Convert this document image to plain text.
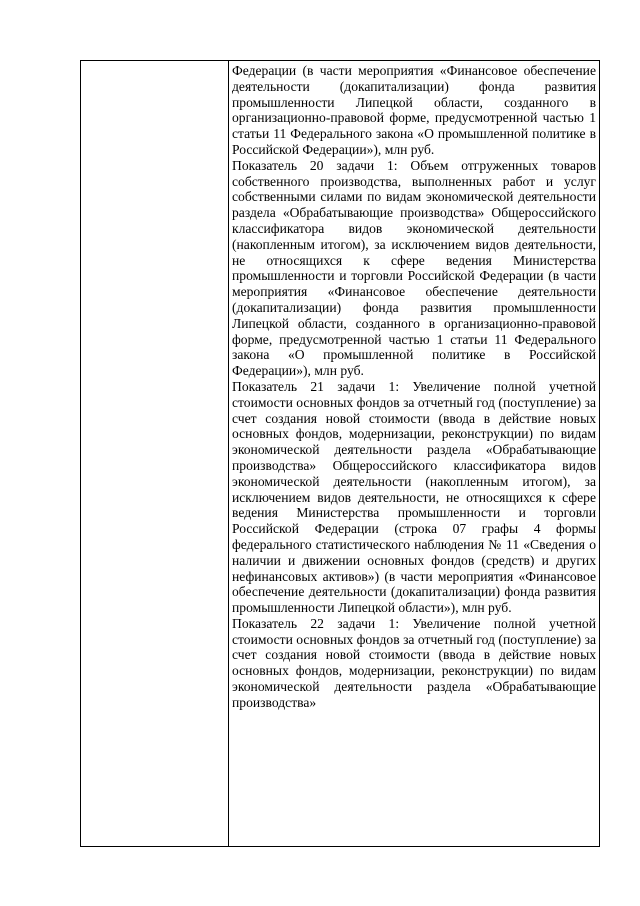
Федерации (в части мероприятия «Финансовое обеспечение деятельности (докапитализации) фонда развития промышленности Липецкой области, созданного в организационно-правовой форме, предусмотренной частью 1 статьи 11 Федерального закона «О промышленной политике в Российской Федерации»), млн руб.

Показатель 20 задачи 1: Объем отгруженных товаров собственного производства, выполненных работ и услуг собственными силами по видам экономической деятельности раздела «Обрабатывающие производства» Общероссийского классификатора видов экономической деятельности (накопленным итогом), за исключением видов деятельности, не относящихся к сфере ведения Министерства промышленности и торговли Российской Федерации (в части мероприятия «Финансовое обеспечение деятельности (докапитализации) фонда развития промышленности Липецкой области, созданного в организационно-правовой форме, предусмотренной частью 1 статьи 11 Федерального закона «О промышленной политике в Российской Федерации»), млн руб.

Показатель 21 задачи 1: Увеличение полной учетной стоимости основных фондов за отчетный год (поступление) за счет создания новой стоимости (ввода в действие новых основных фондов, модернизации, реконструкции) по видам экономической деятельности раздела «Обрабатывающие производства» Общероссийского классификатора видов экономической деятельности (накопленным итогом), за исключением видов деятельности, не относящихся к сфере ведения Министерства промышленности и торговли Российской Федерации (строка 07 графы 4 формы федерального статистического наблюдения № 11 «Сведения о наличии и движении основных фондов (средств) и других нефинансовых активов») (в части мероприятия «Финансовое обеспечение деятельности (докапитализации) фонда развития промышленности Липецкой области»), млн руб.

Показатель 22 задачи 1: Увеличение полной учетной стоимости основных фондов за отчетный год (поступление) за счет создания новой стоимости (ввода в действие новых основных фондов, модернизации, реконструкции) по видам экономической деятельности раздела «Обрабатывающие производства»
